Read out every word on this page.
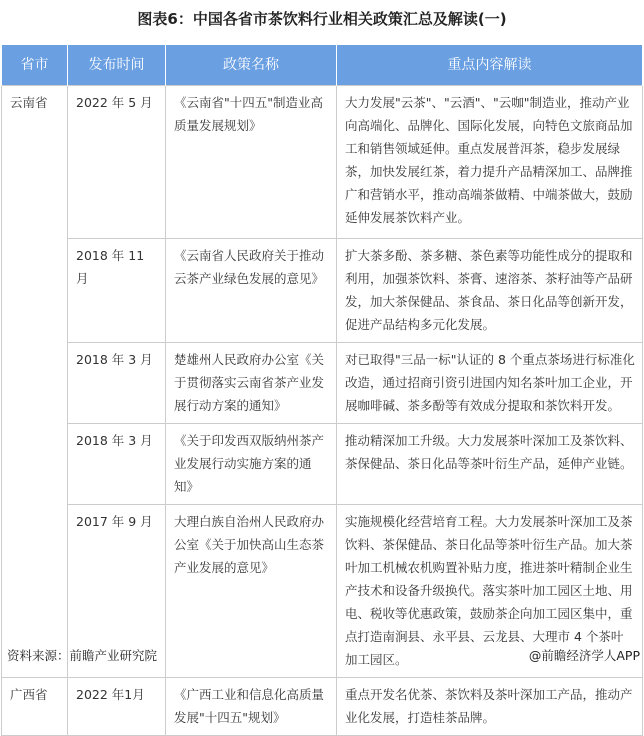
图表6：中国各省市茶饮料行业相关政策汇总及解读(一)
省市	发布时间	政策名称	重点内容解读
云南省	2022 年 5 月	《云南省"十四五"制造业高质量发展规划》	大力发展"云茶"、"云酒"、"云咖"制造业，推动产业向高端化、品牌化、国际化发展，向特色文旅商品加工和销售领域延伸。重点发展普洱茶，稳步发展绿茶，加快发展红茶，着力提升产品精深加工、品牌推广和营销水平，推动高端茶做精、中端茶做大，鼓励延伸发展茶饮料产业。
	2018 年 11 月	《云南省人民政府关于推动云茶产业绿色发展的意见》	扩大茶多酚、茶多糖、茶色素等功能性成分的提取和利用，加强茶饮料、茶膏、速溶茶、茶籽油等产品研发，加大茶保健品、茶食品、茶日化品等创新开发，促进产品结构多元化发展。
	2018 年 3 月	楚雄州人民政府办公室《关于贯彻落实云南省茶产业发展行动方案的通知》	对已取得"三品一标"认证的 8 个重点茶场进行标准化改造，通过招商引资引进国内知名茶叶加工企业，开展咖啡碱、茶多酚等有效成分提取和茶饮料开发。
	2018 年 3 月	《关于印发西双版纳州茶产业发展行动实施方案的通知》	推动精深加工升级。大力发展茶叶深加工及茶饮料、茶保健品、茶日化品等茶叶衍生产品，延伸产业链。
	2017 年 9 月	大理白族自治州人民政府办公室《关于加快高山生态茶产业发展的意见》	实施规模化经营培育工程。大力发展茶叶深加工及茶饮料、茶保健品、茶日化品等茶叶衍生产品。加大茶叶加工机械农机购置补贴力度，推进茶叶精制企业生产技术和设备升级换代。落实茶叶加工园区土地、用电、税收等优惠政策，鼓励茶企向加工园区集中，重点打造南涧县、永平县、云龙县、大理市 4 个茶叶加工园区。
广西省	2022 年1月	《广西工业和信息化高质量发展"十四五"规划》	重点开发名优茶、茶饮料及茶叶深加工产品，推动产业化发展，打造桂茶品牌。
资料来源：前瞻产业研究院	@前瞻经济学人APP
